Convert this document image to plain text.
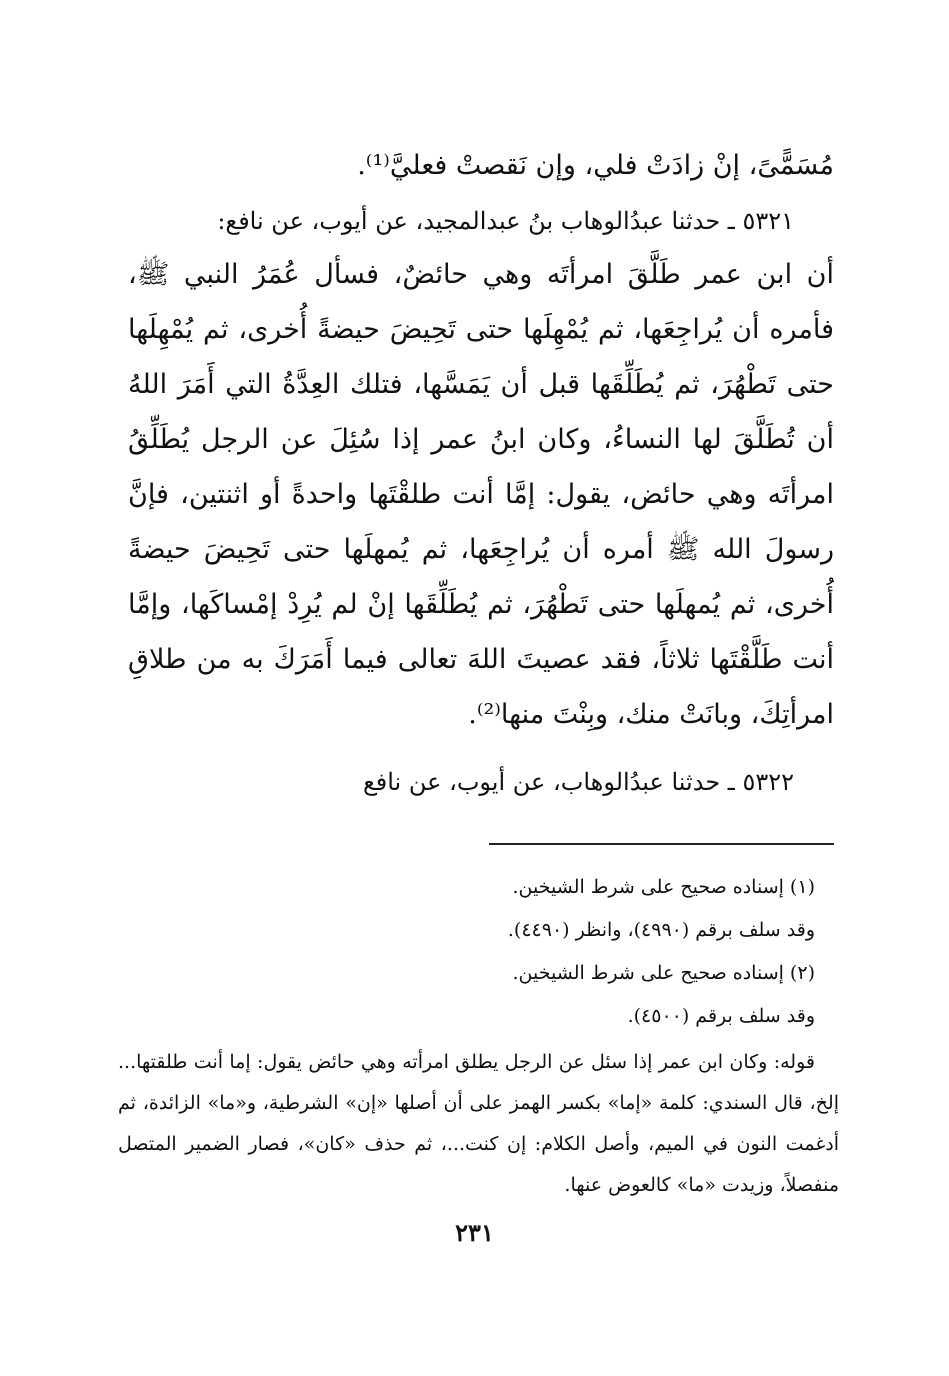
مُسَمًّىً، إنْ زادَتْ فلي، وإن نَقصتْ فعليَّ⁽¹⁾.

٥٣٢١ ـ حدثنا عبدُالوهاب بنُ عبدالمجيد، عن أيوب، عن نافع:

أن ابن عمر طَلَّقَ امرأتَه وهي حائضٌ، فسأل عُمَرُ النبي ﷺ، فأمره أن يُراجِعَها، ثم يُمْهِلَها حتى تَحِيضَ حيضةً أُخرى، ثم يُمْهِلَها حتى تَطْهُرَ، ثم يُطَلِّقَها قبل أن يَمَسَّها، فتلك العِدَّةُ التي أَمَرَ اللهُ أن تُطَلَّقَ لها النساءُ، وكان ابنُ عمر إذا سُئِلَ عن الرجل يُطَلِّقُ امرأتَه وهي حائض، يقول: إمَّا أنت طلقْتَها واحدةً أو اثنتين، فإنَّ رسولَ الله ﷺ أمره أن يُراجِعَها، ثم يُمهلَها حتى تَحِيضَ حيضةً أُخرى، ثم يُمهلَها حتى تَطْهُرَ، ثم يُطَلِّقَها إنْ لم يُرِدْ إمْساكَها، وإمَّا أنت طَلَّقْتَها ثلاثاً، فقد عصيتَ اللهَ تعالى فيما أَمَرَكَ به من طلاقِ امرأتِكَ، وبانَتْ منك، وبِنْتَ منها⁽²⁾.

٥٣٢٢ ـ حدثنا عبدُالوهاب، عن أيوب، عن نافع

(١) إسناده صحيح على شرط الشيخين.

وقد سلف برقم (٤٩٩٠)، وانظر (٤٤٩٠).

(٢) إسناده صحيح على شرط الشيخين.

وقد سلف برقم (٤٥٠٠).

قوله: وكان ابن عمر إذا سئل عن الرجل يطلق امرأته وهي حائض يقول: إما أنت طلقتها... إلخ، قال السندي: كلمة «إما» بكسر الهمز على أن أصلها «إن» الشرطية، و«ما» الزائدة، ثم أدغمت النون في الميم، وأصل الكلام: إن كنت...، ثم حذف «كان»، فصار الضمير المتصل منفصلاً، وزيدت «ما» كالعوض عنها.

٢٣١
